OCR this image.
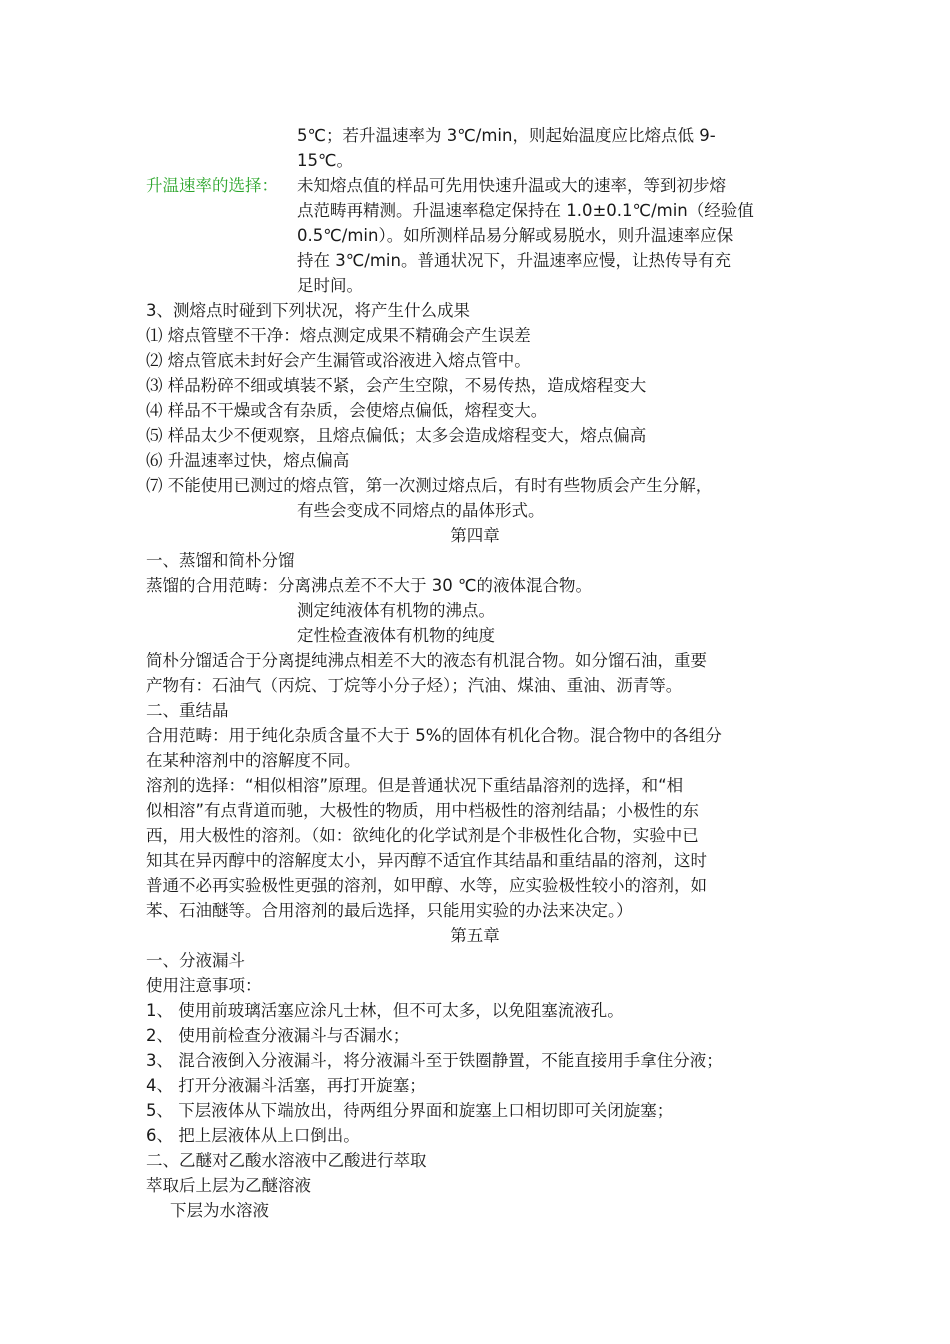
5℃；若升温速率为 3℃/min，则起始温度应比熔点低 9-
15℃。
升温速率的选择： 未知熔点值的样品可先用快速升温或大的速率，等到初步熔
点范畴再精测。升温速率稳定保持在 1.0±0.1℃/min（经验值
0.5℃/min）。如所测样品易分解或易脱水，则升温速率应保
持在 3℃/min。普通状况下，升温速率应慢，让热传导有充
足时间。
3、测熔点时碰到下列状况，将产生什么成果
⑴ 熔点管壁不干净：熔点测定成果不精确会产生误差
⑵ 熔点管底未封好会产生漏管或浴液进入熔点管中。
⑶ 样品粉碎不细或填装不紧，会产生空隙，不易传热，造成熔程变大
⑷ 样品不干燥或含有杂质，会使熔点偏低，熔程变大。
⑸ 样品太少不便观察，且熔点偏低；太多会造成熔程变大，熔点偏高
⑹ 升温速率过快，熔点偏高
⑺ 不能使用已测过的熔点管，第一次测过熔点后，有时有些物质会产生分解，
有些会变成不同熔点的晶体形式。
第四章
一、蒸馏和简朴分馏
蒸馏的合用范畴：分离沸点差不不大于 30 ℃的液体混合物。
测定纯液体有机物的沸点。
定性检查液体有机物的纯度
简朴分馏适合于分离提纯沸点相差不大的液态有机混合物。如分馏石油，重要
产物有：石油气（丙烷、丁烷等小分子烃）；汽油、煤油、重油、沥青等。
二、重结晶
合用范畴：用于纯化杂质含量不大于 5%的固体有机化合物。混合物中的各组分
在某种溶剂中的溶解度不同。
溶剂的选择：“相似相溶”原理。但是普通状况下重结晶溶剂的选择，和“相
似相溶”有点背道而驰，大极性的物质，用中档极性的溶剂结晶；小极性的东
西，用大极性的溶剂。（如：欲纯化的化学试剂是个非极性化合物，实验中已
知其在异丙醇中的溶解度太小，异丙醇不适宜作其结晶和重结晶的溶剂，这时
普通不必再实验极性更强的溶剂，如甲醇、水等，应实验极性较小的溶剂，如
苯、石油醚等。合用溶剂的最后选择，只能用实验的办法来决定。）
第五章
一、分液漏斗
使用注意事项：
1、 使用前玻璃活塞应涂凡士林，但不可太多，以免阻塞流液孔。
2、 使用前检查分液漏斗与否漏水；
3、 混合液倒入分液漏斗，将分液漏斗至于铁圈静置，不能直接用手拿住分液；
4、 打开分液漏斗活塞，再打开旋塞；
5、 下层液体从下端放出，待两组分界面和旋塞上口相切即可关闭旋塞；
6、 把上层液体从上口倒出。
二、乙醚对乙酸水溶液中乙酸进行萃取
萃取后上层为乙醚溶液
下层为水溶液
